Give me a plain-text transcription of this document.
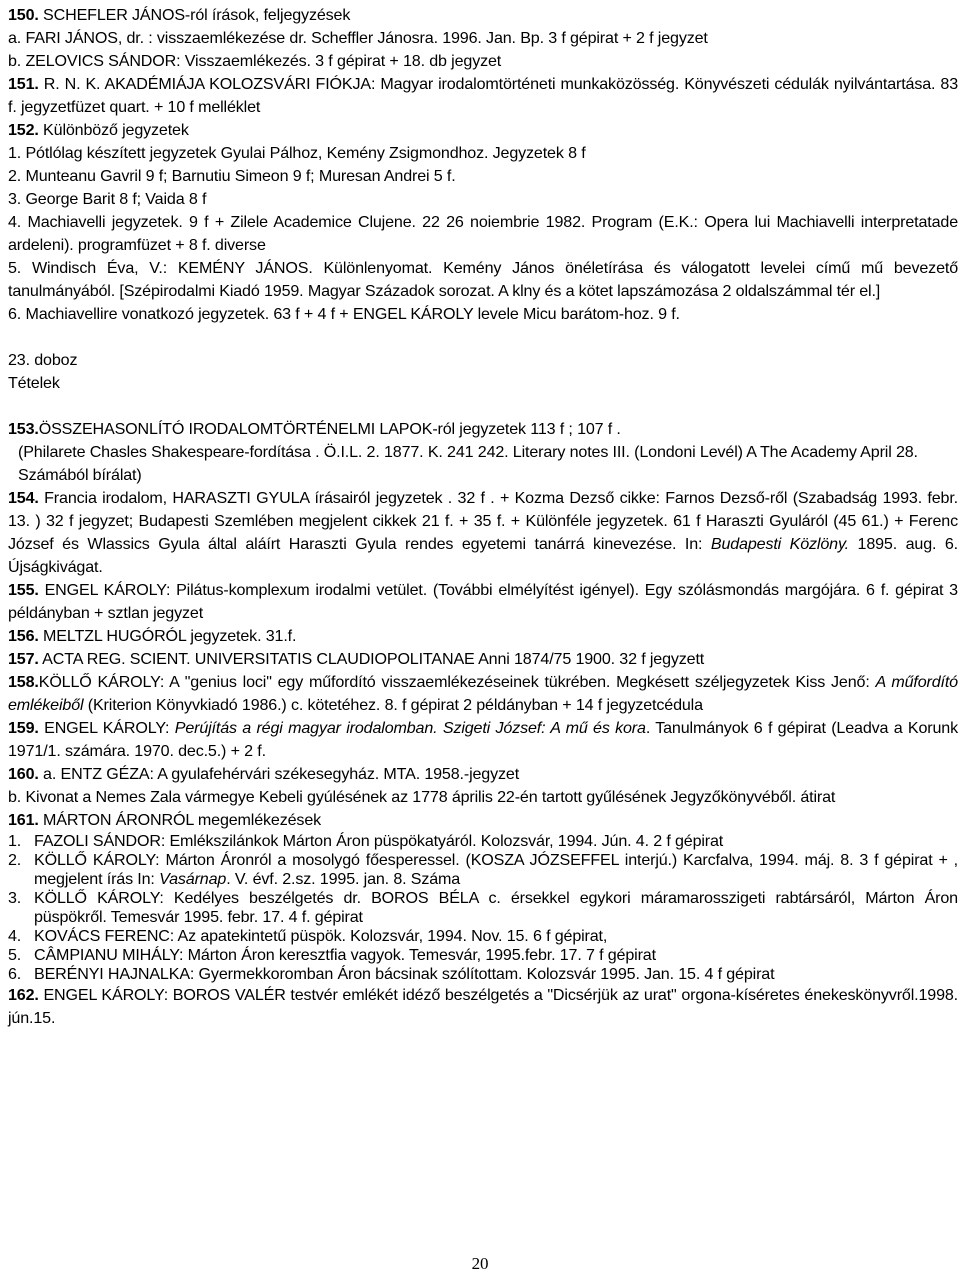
150. SCHEFLER JÁNOS-ról írások, feljegyzések

a. FARI JÁNOS, dr. : visszaemlékezése dr. Scheffler Jánosra. 1996. Jan. Bp. 3 f gépirat + 2 f jegyzet

b. ZELOVICS SÁNDOR: Visszaemlékezés. 3 f gépirat + 18. db jegyzet

151. R. N. K. AKADÉMIÁJA KOLOZSVÁRI FIÓKJA: Magyar irodalomtörténeti munkaközösség. Könyvészeti cédulák nyilvántartása. 83 f. jegyzetfüzet quart. + 10 f melléklet

152. Különböző jegyzetek

1. Pótlólag készített jegyzetek Gyulai Pálhoz, Kemény Zsigmondhoz. Jegyzetek 8 f

2. Munteanu Gavril 9 f; Barnutiu Simeon 9 f; Muresan Andrei 5 f.

3. George Barit 8 f; Vaida 8 f

4. Machiavelli jegyzetek. 9 f + Zilele Academice Clujene. 22 26 noiembrie 1982. Program (E.K.: Opera lui Machiavelli interpretatade ardeleni). programfüzet + 8 f. diverse

5. Windisch Éva, V.: KEMÉNY JÁNOS. Különlenyomat. Kemény János önéletírása és válogatott levelei című mű bevezető tanulmányából. [Szépirodalmi Kiadó 1959. Magyar Századok sorozat. A klny és a kötet lapszámozása 2 oldalszámmal tér el.]

6. Machiavellire vonatkozó jegyzetek. 63 f + 4 f + ENGEL KÁROLY levele Micu barátom-hoz. 9 f.

23. doboz

Tételek

153.ÖSSZEHASONLÍTÓ IRODALOMTÖRTÉNELMI LAPOK-ról jegyzetek 113 f ; 107 f .

(Philarete Chasles Shakespeare-fordítása . Ö.I.L. 2. 1877. K. 241 242. Literary notes III. (Londoni Levél) A The Academy April 28. Számából bírálat)

154. Francia irodalom, HARASZTI GYULA írásairól jegyzetek . 32 f . + Kozma Dezső cikke: Farnos Dezső-ről (Szabadság 1993. febr. 13. ) 32 f jegyzet; Budapesti Szemlében megjelent cikkek 21 f. + 35 f. + Különféle jegyzetek. 61 f Haraszti Gyuláról (45 61.) + Ferenc József és Wlassics Gyula által aláírt Haraszti Gyula rendes egyetemi tanárrá kinevezése. In: Budapesti Közlöny. 1895. aug. 6. Újságkivágat.

155. ENGEL KÁROLY: Pilátus-komplexum irodalmi vetület. (További elmélyítést igényel). Egy szólásmondás margójára. 6 f. gépirat 3 példányban + sztlan jegyzet

156. MELTZL HUGÓRÓL jegyzetek. 31.f.

157. ACTA REG. SCIENT. UNIVERSITATIS CLAUDIOPOLITANAE Anni 1874/75 1900. 32 f jegyzett

158.KÖLLŐ KÁROLY: A "genius loci" egy műfordító visszaemlékezéseinek tükrében. Megkésett széljegyzetek Kiss Jenő: A műfordító emlékeiből (Kriterion Könyvkiadó 1986.) c. kötetéhez. 8. f gépirat 2 példányban + 14 f jegyzetcédula

159. ENGEL KÁROLY: Perújítás a régi magyar irodalomban. Szigeti József: A mű és kora. Tanulmányok 6 f gépirat (Leadva a Korunk 1971/1. számára. 1970. dec.5.) + 2 f.

160. a. ENTZ GÉZA: A gyulafehérvári székesegyház. MTA. 1958.-jegyzet

b. Kivonat a Nemes Zala vármegye Kebeli gyúlésének az 1778 április 22-én tartott gyűlésének Jegyzőkönyvéből. átirat

161. MÁRTON ÁRONRÓL megemlékezések

1. FAZOLI SÁNDOR: Emlékszilánkok Márton Áron püspökatyáról. Kolozsvár, 1994. Jún. 4. 2 f gépirat
2. KÖLLŐ KÁROLY: Márton Áronról a mosolygó főesperessel. (KOSZA JÓZSEFFEL interjú.) Karcfalva, 1994. máj. 8. 3 f gépirat + , megjelent írás In: Vasárnap. V. évf. 2.sz. 1995. jan. 8. Száma
3. KÖLLŐ KÁROLY: Kedélyes beszélgetés dr. BOROS BÉLA c. érsekkel egykori máramarosszigeti rabtársáról, Márton Áron püspökről. Temesvár 1995. febr. 17. 4 f. gépirat
4. KOVÁCS FERENC: Az apatekintetű püspök. Kolozsvár, 1994. Nov. 15. 6 f gépirat,
5. CÂMPIANU MIHÁLY: Márton Áron keresztfia vagyok. Temesvár, 1995.febr. 17. 7 f gépirat
6. BERÉNYI HAJNALKA: Gyermekkoromban Áron bácsinak szólítottam. Kolozsvár 1995. Jan. 15. 4 f gépirat

162. ENGEL KÁROLY: BOROS VALÉR testvér emlékét idéző beszélgetés a "Dicsérjük az urat" orgona-kíséretes énekeskönyvről.1998. jún.15.

20
